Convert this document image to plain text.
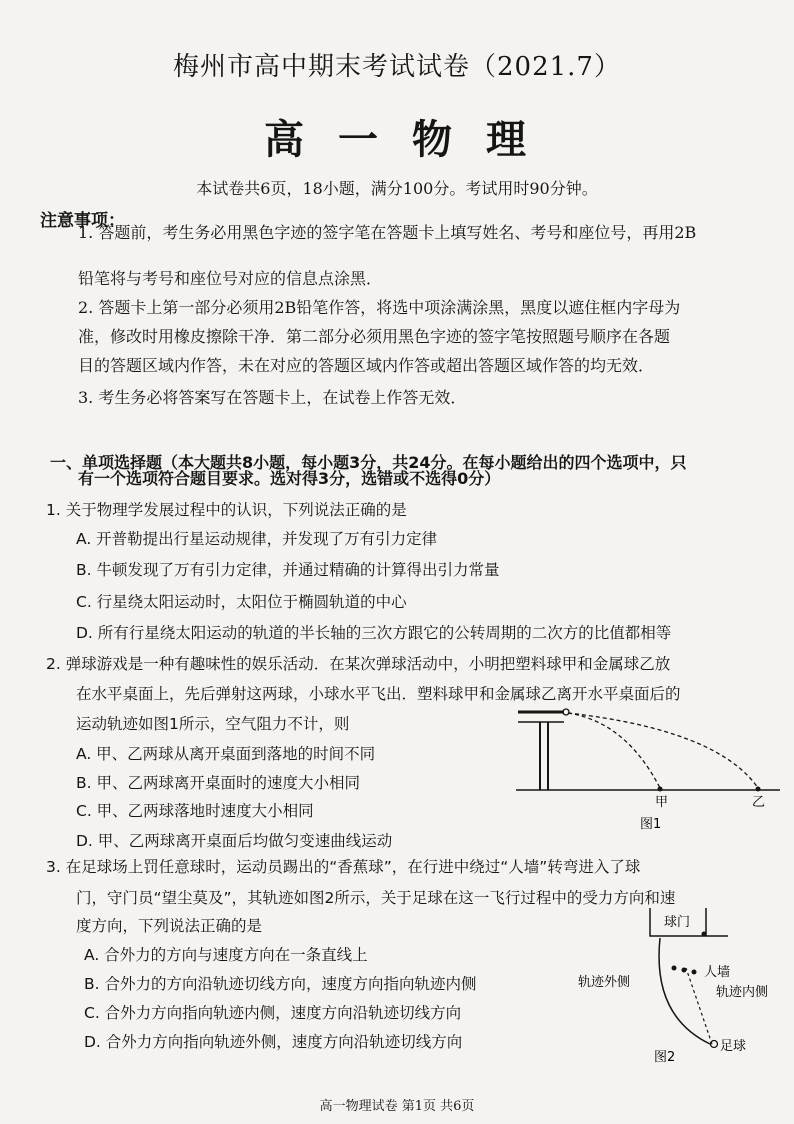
梅州市高中期末考试试卷（2021.7）
高一物理
本试卷共6页，18小题，满分100分。考试用时90分钟。
注意事项：
1. 答题前，考生务必用黑色字迹的签字笔在答题卡上填写姓名、考号和座位号，再用2B
铅笔将与考号和座位号对应的信息点涂黑．
2. 答题卡上第一部分必须用2B铅笔作答，将选中项涂满涂黑，黑度以遮住框内字母为
准，修改时用橡皮擦除干净．第二部分必须用黑色字迹的签字笔按照题号顺序在各题
目的答题区域内作答，未在对应的答题区域内作答或超出答题区域作答的均无效．
3. 考生务必将答案写在答题卡上，在试卷上作答无效．
一、单项选择题（本大题共8小题，每小题3分，共24分。在每小题给出的四个选项中，只
有一个选项符合题目要求。选对得3分，选错或不选得0分）
1. 关于物理学发展过程中的认识，下列说法正确的是
A. 开普勒提出行星运动规律，并发现了万有引力定律
B. 牛顿发现了万有引力定律，并通过精确的计算得出引力常量
C. 行星绕太阳运动时，太阳位于椭圆轨道的中心
D. 所有行星绕太阳运动的轨道的半长轴的三次方跟它的公转周期的二次方的比值都相等
2. 弹球游戏是一种有趣味性的娱乐活动．在某次弹球活动中，小明把塑料球甲和金属球乙放
在水平桌面上，先后弹射这两球，小球水平飞出．塑料球甲和金属球乙离开水平桌面后的
运动轨迹如图1所示，空气阻力不计，则
A. 甲、乙两球从离开桌面到落地的时间不同
B. 甲、乙两球离开桌面时的速度大小相同
C. 甲、乙两球落地时速度大小相同
D. 甲、乙两球离开桌面后均做匀变速曲线运动
甲	乙
图1
3. 在足球场上罚任意球时，运动员踢出的“香蕉球”，在行进中绕过“人墙”转弯进入了球
门，守门员“望尘莫及”，其轨迹如图2所示，关于足球在这一飞行过程中的受力方向和速
度方向，下列说法正确的是
A. 合外力的方向与速度方向在一条直线上
B. 合外力的方向沿轨迹切线方向，速度方向指向轨迹内侧
C. 合外力方向指向轨迹内侧，速度方向沿轨迹切线方向
D. 合外力方向指向轨迹外侧，速度方向沿轨迹切线方向
球门
人墙
轨迹外侧
轨迹内侧
足球
图2
高一物理试卷 第1页 共6页
